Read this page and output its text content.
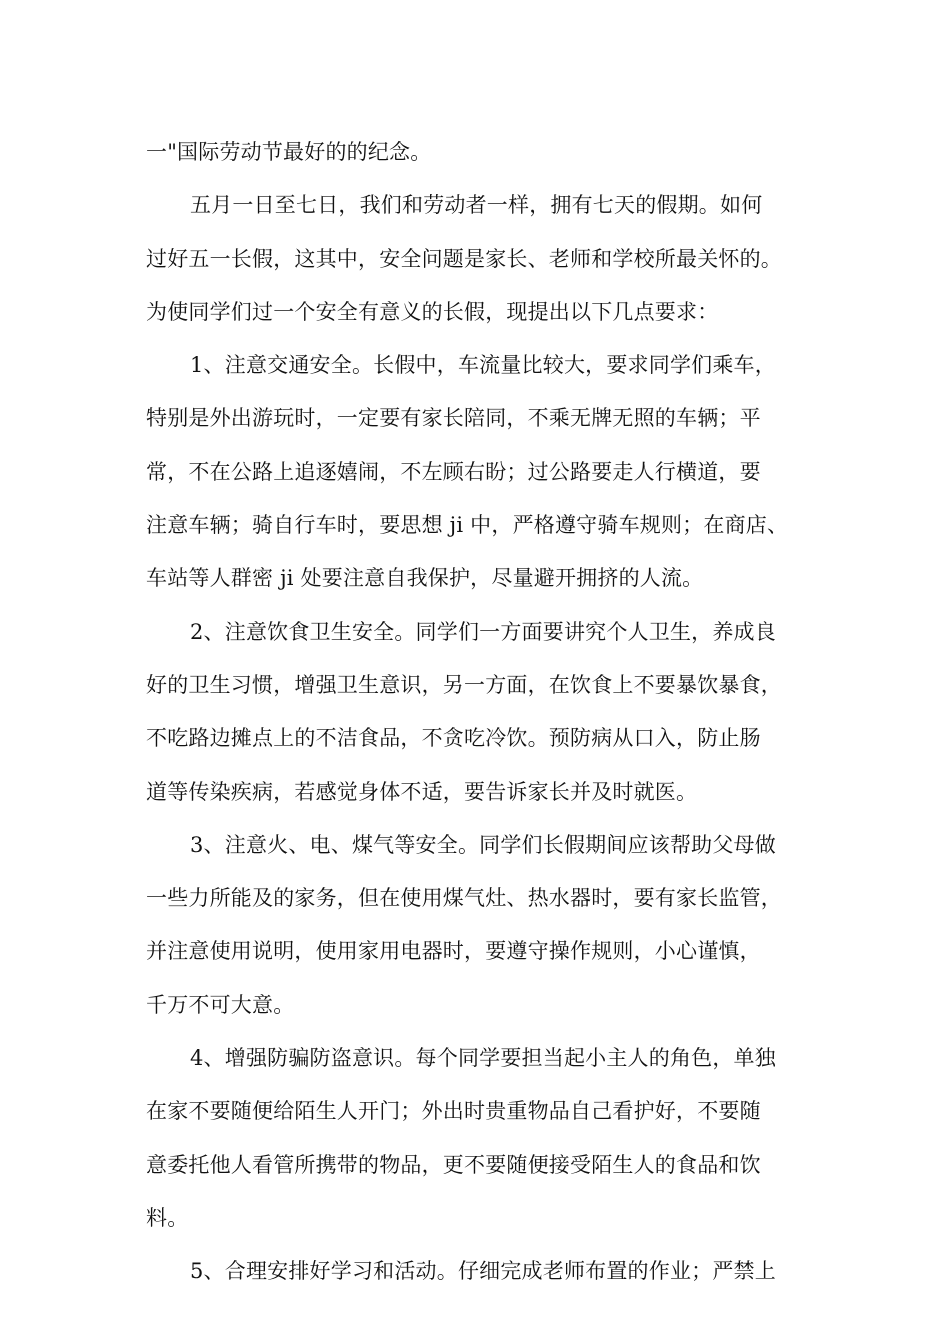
一"国际劳动节最好的的纪念。
五月一日至七日，我们和劳动者一样，拥有七天的假期。如何
过好五一长假，这其中，安全问题是家长、老师和学校所最关怀的。
为使同学们过一个安全有意义的长假，现提出以下几点要求：
1、注意交通安全。长假中，车流量比较大，要求同学们乘车，
特别是外出游玩时，一定要有家长陪同，不乘无牌无照的车辆；平
常，不在公路上追逐嬉闹，不左顾右盼；过公路要走人行横道，要
注意车辆；骑自行车时，要思想 ji 中，严格遵守骑车规则；在商店、
车站等人群密 ji 处要注意自我保护，尽量避开拥挤的人流。
2、注意饮食卫生安全。同学们一方面要讲究个人卫生，养成良
好的卫生习惯，增强卫生意识，另一方面，在饮食上不要暴饮暴食，
不吃路边摊点上的不洁食品，不贪吃冷饮。预防病从口入，防止肠
道等传染疾病，若感觉身体不适，要告诉家长并及时就医。
3、注意火、电、煤气等安全。同学们长假期间应该帮助父母做
一些力所能及的家务，但在使用煤气灶、热水器时，要有家长监管，
并注意使用说明，使用家用电器时，要遵守操作规则，小心谨慎，
千万不可大意。
4、增强防骗防盗意识。每个同学要担当起小主人的角色，单独
在家不要随便给陌生人开门；外出时贵重物品自己看护好，不要随
意委托他人看管所携带的物品，更不要随便接受陌生人的食品和饮
料。
5、合理安排好学习和活动。仔细完成老师布置的作业；严禁上
